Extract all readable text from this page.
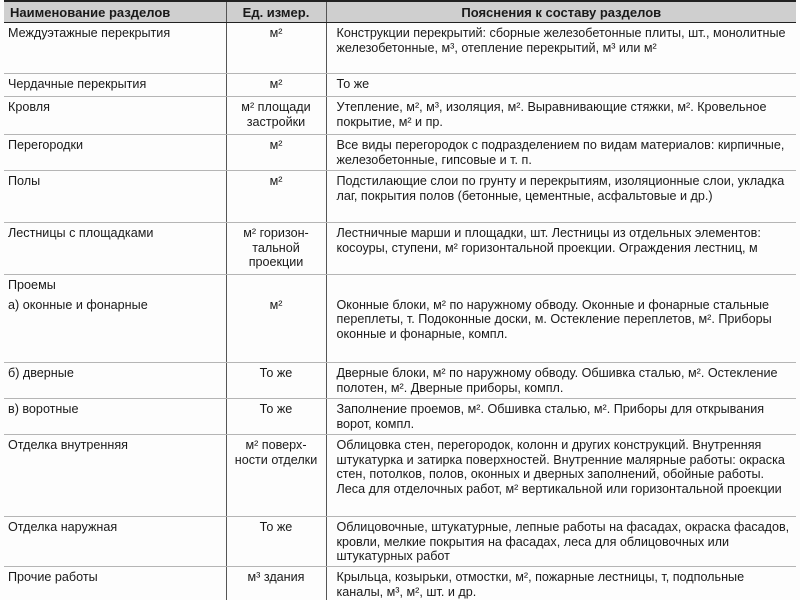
Наименование разделов	Ед. измер.	Пояснения к составу разделов
Междуэтажные перекрытия	м²	Конструкции перекрытий: сборные железобетонные плиты, шт., монолитные железобетонные, м³, отепление перекрытий, м³ или м²
Чердачные перекрытия	м²	То же
Кровля	м² площади застройки	Утепление, м², м³, изоляция, м². Выравнивающие стяжки, м². Кровельное покрытие, м² и пр.
Перегородки	м²	Все виды перегородок с подразделением по видам материалов: кирпичные, железобетонные, гипсовые и т. п.
Полы	м²	Подстилающие слои по грунту и перекрытиям, изоляционные слои, укладка лаг, покрытия полов (бетонные, цементные, асфальтовые и др.)
Лестницы с площадками	м² горизон- тальной проекции	Лестничные марши и площадки, шт. Лестницы из отдельных элементов: косоуры, ступени, м² горизонтальной проекции. Ограждения лестниц, м
Проемы		
а) оконные и фонарные	м²	Оконные блоки, м² по наружному обводу. Оконные и фонарные стальные переплеты, т. Подоконные доски, м. Остекление переплетов, м². Приборы оконные и фонарные, компл.
б) дверные	То же	Дверные блоки, м² по наружному обводу. Обшивка сталью, м². Остекление полотен, м². Дверные приборы, компл.
в) воротные	То же	Заполнение проемов, м². Обшивка сталью, м². Приборы для открывания ворот, компл.
Отделка внутренняя	м² поверх- ности отделки	Облицовка стен, перегородок, колонн и других конструкций. Внутренняя штукатурка и затирка поверхностей. Внутренние малярные работы: окраска стен, потолков, полов, оконных и дверных заполнений, обойные работы. Леса для отделочных работ, м² вертикальной или горизонтальной проекции
Отделка наружная	То же	Облицовочные, штукатурные, лепные работы на фасадах, окраска фасадов, кровли, мелкие покрытия на фасадах, леса для облицовочных или штукатурных работ
Прочие работы	м³ здания	Крыльца, козырьки, отмостки, м², пожарные лестницы, т, подпольные каналы, м³, м², шт. и др.
